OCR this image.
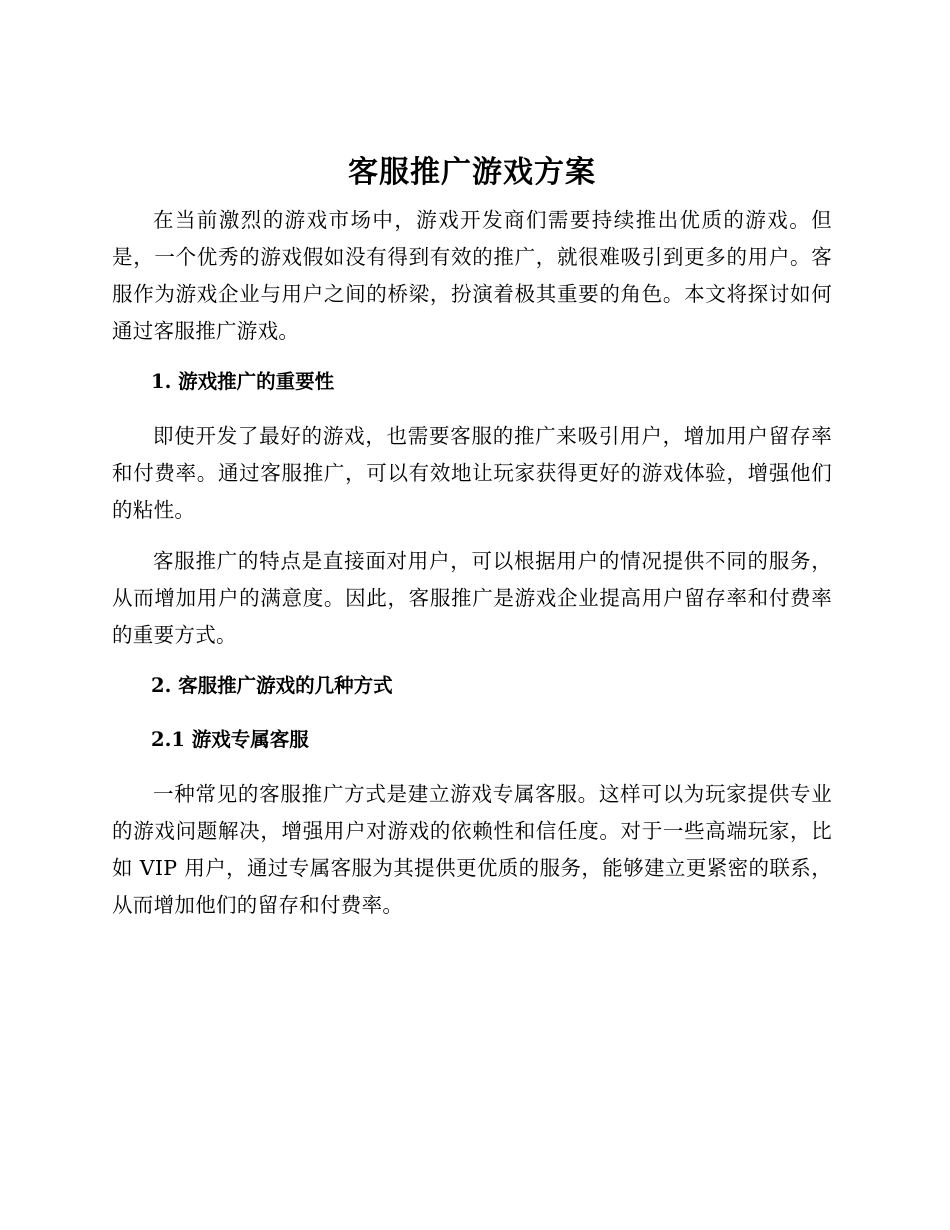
客服推广游戏方案

在当前激烈的游戏市场中，游戏开发商们需要持续推出优质的游戏。但是，一个优秀的游戏假如没有得到有效的推广，就很难吸引到更多的用户。客服作为游戏企业与用户之间的桥梁，扮演着极其重要的角色。本文将探讨如何通过客服推广游戏。

1. 游戏推广的重要性

即使开发了最好的游戏，也需要客服的推广来吸引用户，增加用户留存率和付费率。通过客服推广，可以有效地让玩家获得更好的游戏体验，增强他们的粘性。

客服推广的特点是直接面对用户，可以根据用户的情况提供不同的服务，从而增加用户的满意度。因此，客服推广是游戏企业提高用户留存率和付费率的重要方式。

2. 客服推广游戏的几种方式
2.1 游戏专属客服

一种常见的客服推广方式是建立游戏专属客服。这样可以为玩家提供专业的游戏问题解决，增强用户对游戏的依赖性和信任度。对于一些高端玩家，比如 VIP 用户，通过专属客服为其提供更优质的服务，能够建立更紧密的联系，从而增加他们的留存和付费率。
